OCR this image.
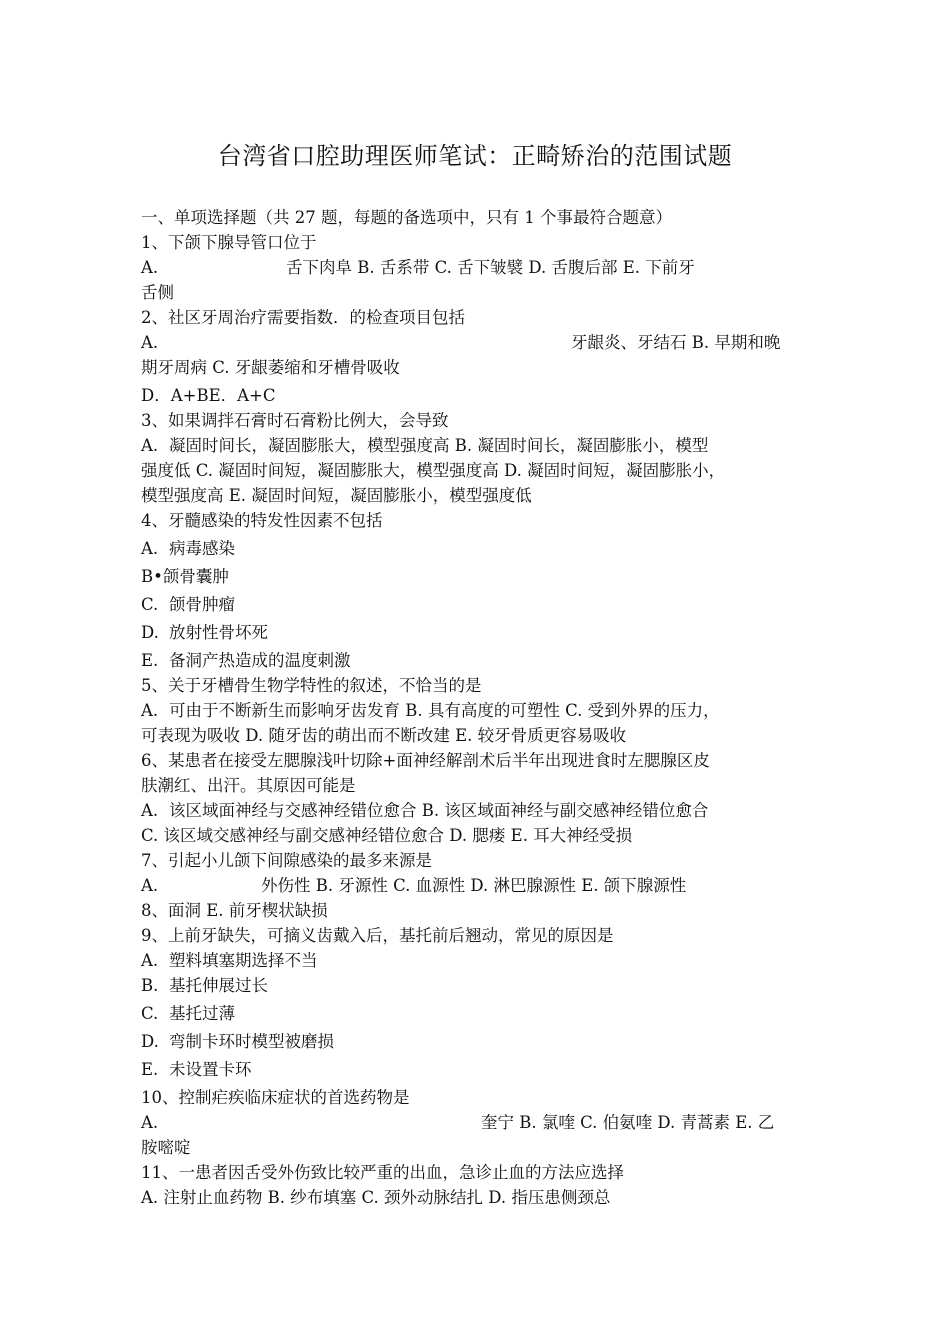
台湾省口腔助理医师笔试：正畸矫治的范围试题

一、单项选择题（共 27 题，每题的备选项中，只有 1 个事最符合题意）

1、下颌下腺导管口位于

A.	舌下肉阜 B. 舌系带 C. 舌下皱襞 D. 舌腹后部 E. 下前牙

舌侧

2、社区牙周治疗需要指数．的检查项目包括

A.	牙龈炎、牙结石 B. 早期和晚

期牙周病 C. 牙龈萎缩和牙槽骨吸收

D．A+BE．A+C

3、如果调拌石膏时石膏粉比例大，会导致

A. 凝固时间长，凝固膨胀大，模型强度高 B. 凝固时间长，凝固膨胀小，模型

强度低 C. 凝固时间短，凝固膨胀大，模型强度高 D. 凝固时间短，凝固膨胀小，

模型强度高 E. 凝固时间短，凝固膨胀小，模型强度低

4、牙髓感染的特发性因素不包括

A. 病毒感染

B•颌骨囊肿

C. 颌骨肿瘤

D. 放射性骨坏死

E. 备洞产热造成的温度刺激

5、关于牙槽骨生物学特性的叙述，不恰当的是

A. 可由于不断新生而影响牙齿发育 B. 具有高度的可塑性 C. 受到外界的压力，

可表现为吸收 D. 随牙齿的萌出而不断改建 E. 较牙骨质更容易吸收

6、某患者在接受左腮腺浅叶切除+面神经解剖术后半年出现进食时左腮腺区皮

肤潮红、出汗。其原因可能是

A. 该区域面神经与交感神经错位愈合 B. 该区域面神经与副交感神经错位愈合

C. 该区域交感神经与副交感神经错位愈合 D. 腮瘘 E. 耳大神经受损

7、引起小儿颌下间隙感染的最多来源是

A.	外伤性 B. 牙源性 C. 血源性 D. 淋巴腺源性 E. 颌下腺源性

8、面洞 E. 前牙楔状缺损

9、上前牙缺失，可摘义齿戴入后，基托前后翘动，常见的原因是

A. 塑料填塞期选择不当

B. 基托伸展过长

C. 基托过薄

D. 弯制卡环时模型被磨损

E. 未设置卡环

10、控制疟疾临床症状的首选药物是

A.	奎宁 B. 氯喹 C. 伯氨喹 D. 青蒿素 E. 乙

胺嘧啶

11、一患者因舌受外伤致比较严重的出血，急诊止血的方法应选择

A. 注射止血药物 B. 纱布填塞 C. 颈外动脉结扎 D. 指压患侧颈总
